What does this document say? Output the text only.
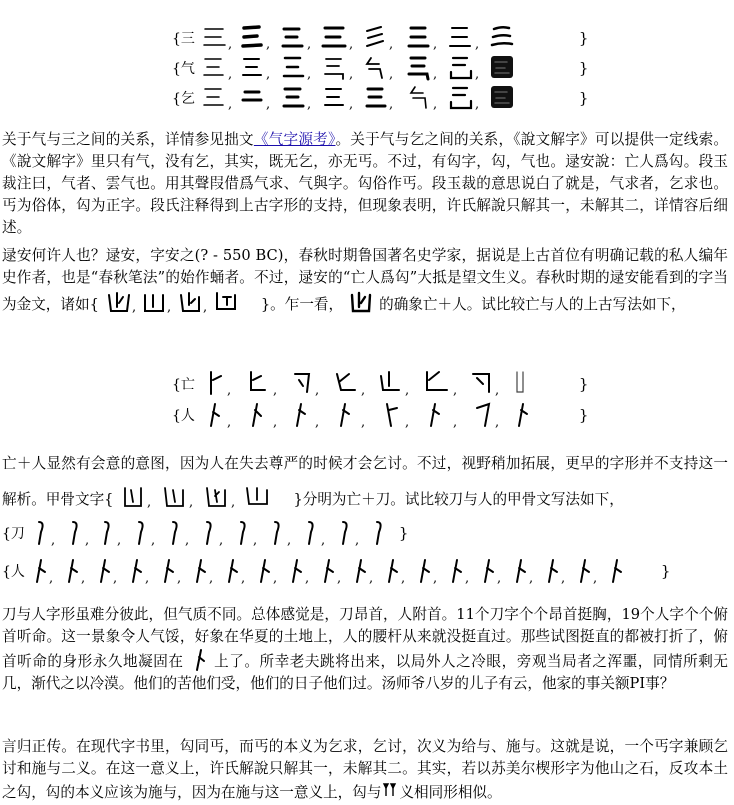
{三	,	,	,	,	,	,	,	}
{气	,	,	,	,	,	,	,	}
{乞	,	,	,	,	,	,	,	}

关于气与三之间的关系，详情参见拙文《气字源考》。关于气与乞之间的关系，《說文解字》可以提供一定线索。《說文解字》里只有气，没有乞，其实，既无乞，亦无丐。不过，有匃字，匃，气也。逯安說：亡人爲匃。段玉裁注曰，气者、雲气也。用其聲叚借爲气求、气與字。匃俗作丐。段玉裁的意思说白了就是，气求者，乞求也。丐为俗体，匃为正字。段氏注释得到上古字形的支持，但现象表明，许氏解說只解其一，未解其二，详情容后细述。

逯安何许人也？逯安，字安之(? - 550 BC)，春秋时期鲁国著名史学家，据说是上古首位有明确记载的私人编年史作者，也是“春秋笔法”的始作蛹者。不过，逯安的“亡人爲匃”大抵是望文生义。春秋时期的逯安能看到的字当为金文，诸如{	, , ,	}。乍一看， 的确象亡＋人。试比较亡与人的上古写法如下，

{亡 ,	,	,	,	,	,	,	}
{人 ,	,	,	,	,	,	,	}

亡＋人显然有会意的意图，因为人在失去尊严的时候才会乞讨。不过，视野稍加拓展，更早的字形并不支持这一解析。甲骨文字{	,	,	,	}分明为亡＋刀。试比较刀与人的甲骨文写法如下，

{刀 , , , , , , , , , ,	}
{人 , , , , , , , , , , , , , , , , , ,	}

刀与人字形虽难分彼此，但气质不同。总体感觉是，刀昂首，人附首。11个刀字个个昂首挺胸，19个人字个个俯首听命。这一景象令人气馁，好象在华夏的土地上，人的腰杆从来就没挺直过。那些试图挺直的都被打折了，俯首听命的身形永久地凝固在 上了。所幸老夫跳将出来，以局外人之冷眼，旁观当局者之浑噩，同情所剩无几，渐代之以冷漠。他们的苦他们受，他们的日子他们过。汤师爷八岁的儿子有云，他家的事关额PI事？

言归正传。在现代字书里，匃同丐，而丐的本义为乞求，乞讨，次义为给与、施与。这就是说，一个丐字兼顾乞讨和施与二义。在这一意义上，许氏解說只解其一，未解其二。其实，若以苏美尔楔形字为他山之石，反攻本土之匃，匃的本义应该为施与，因为在施与这一意义上，匃与 义相同形相似。
